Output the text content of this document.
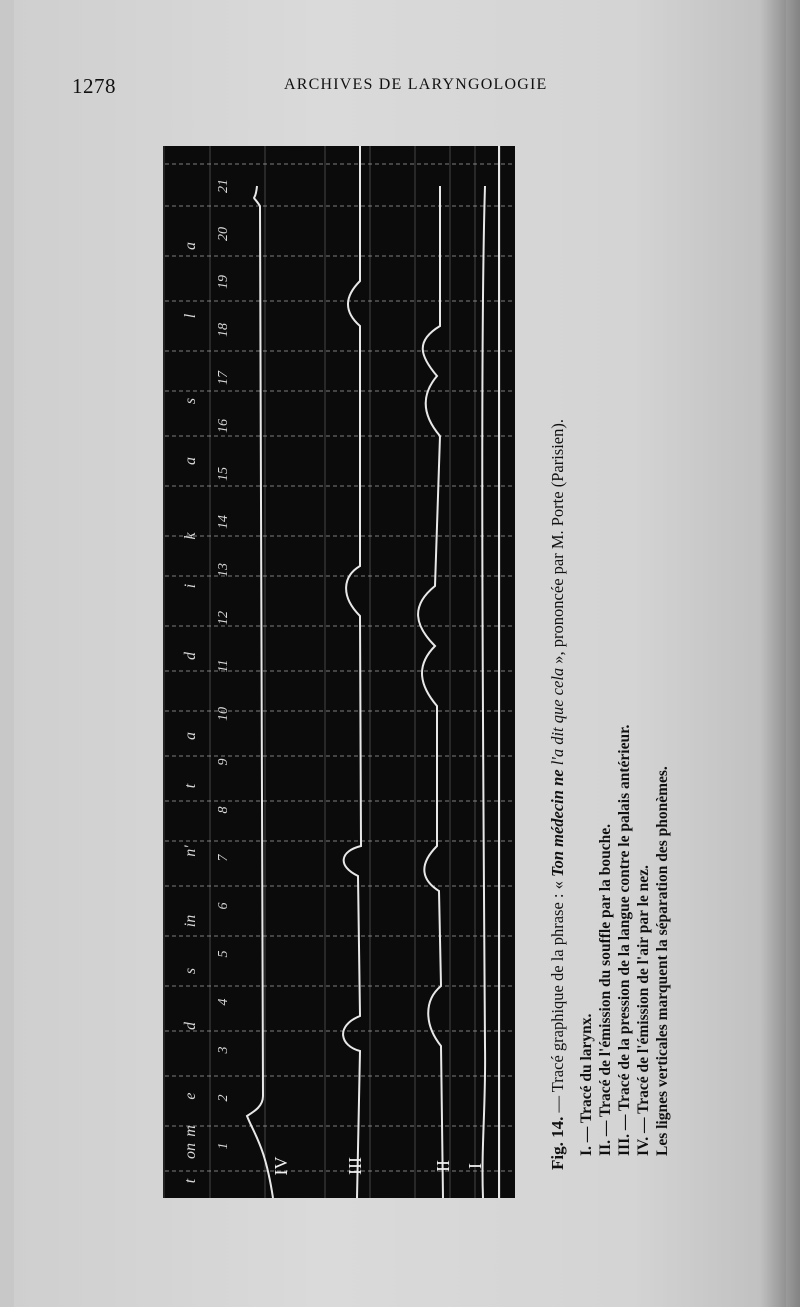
1278	ARCHIVES DE LARYNGOLOGIE
a
l
s
a
k
i
d
a
t
n'
in
s
d
e
m
on
t
21
20
19
18
17
16
15
14
13
12
11
10
9
8
7
6
5
4
3
2
1
IV	III	II I	Fig. 14. — Tracé graphique de la phrase : « Ton médecin ne l'a dit que cela », prononcée par M. Porte (Parisien).
I. — Tracé du larynx. II. — Tracé de l'émission du souffle par la bouche. III. — Tracé de la pression de la langue contre le palais antérieur. IV. — Tracé de l'émission de l'air par le nez. Les lignes verticales marquent la séparation des phonèmes.
